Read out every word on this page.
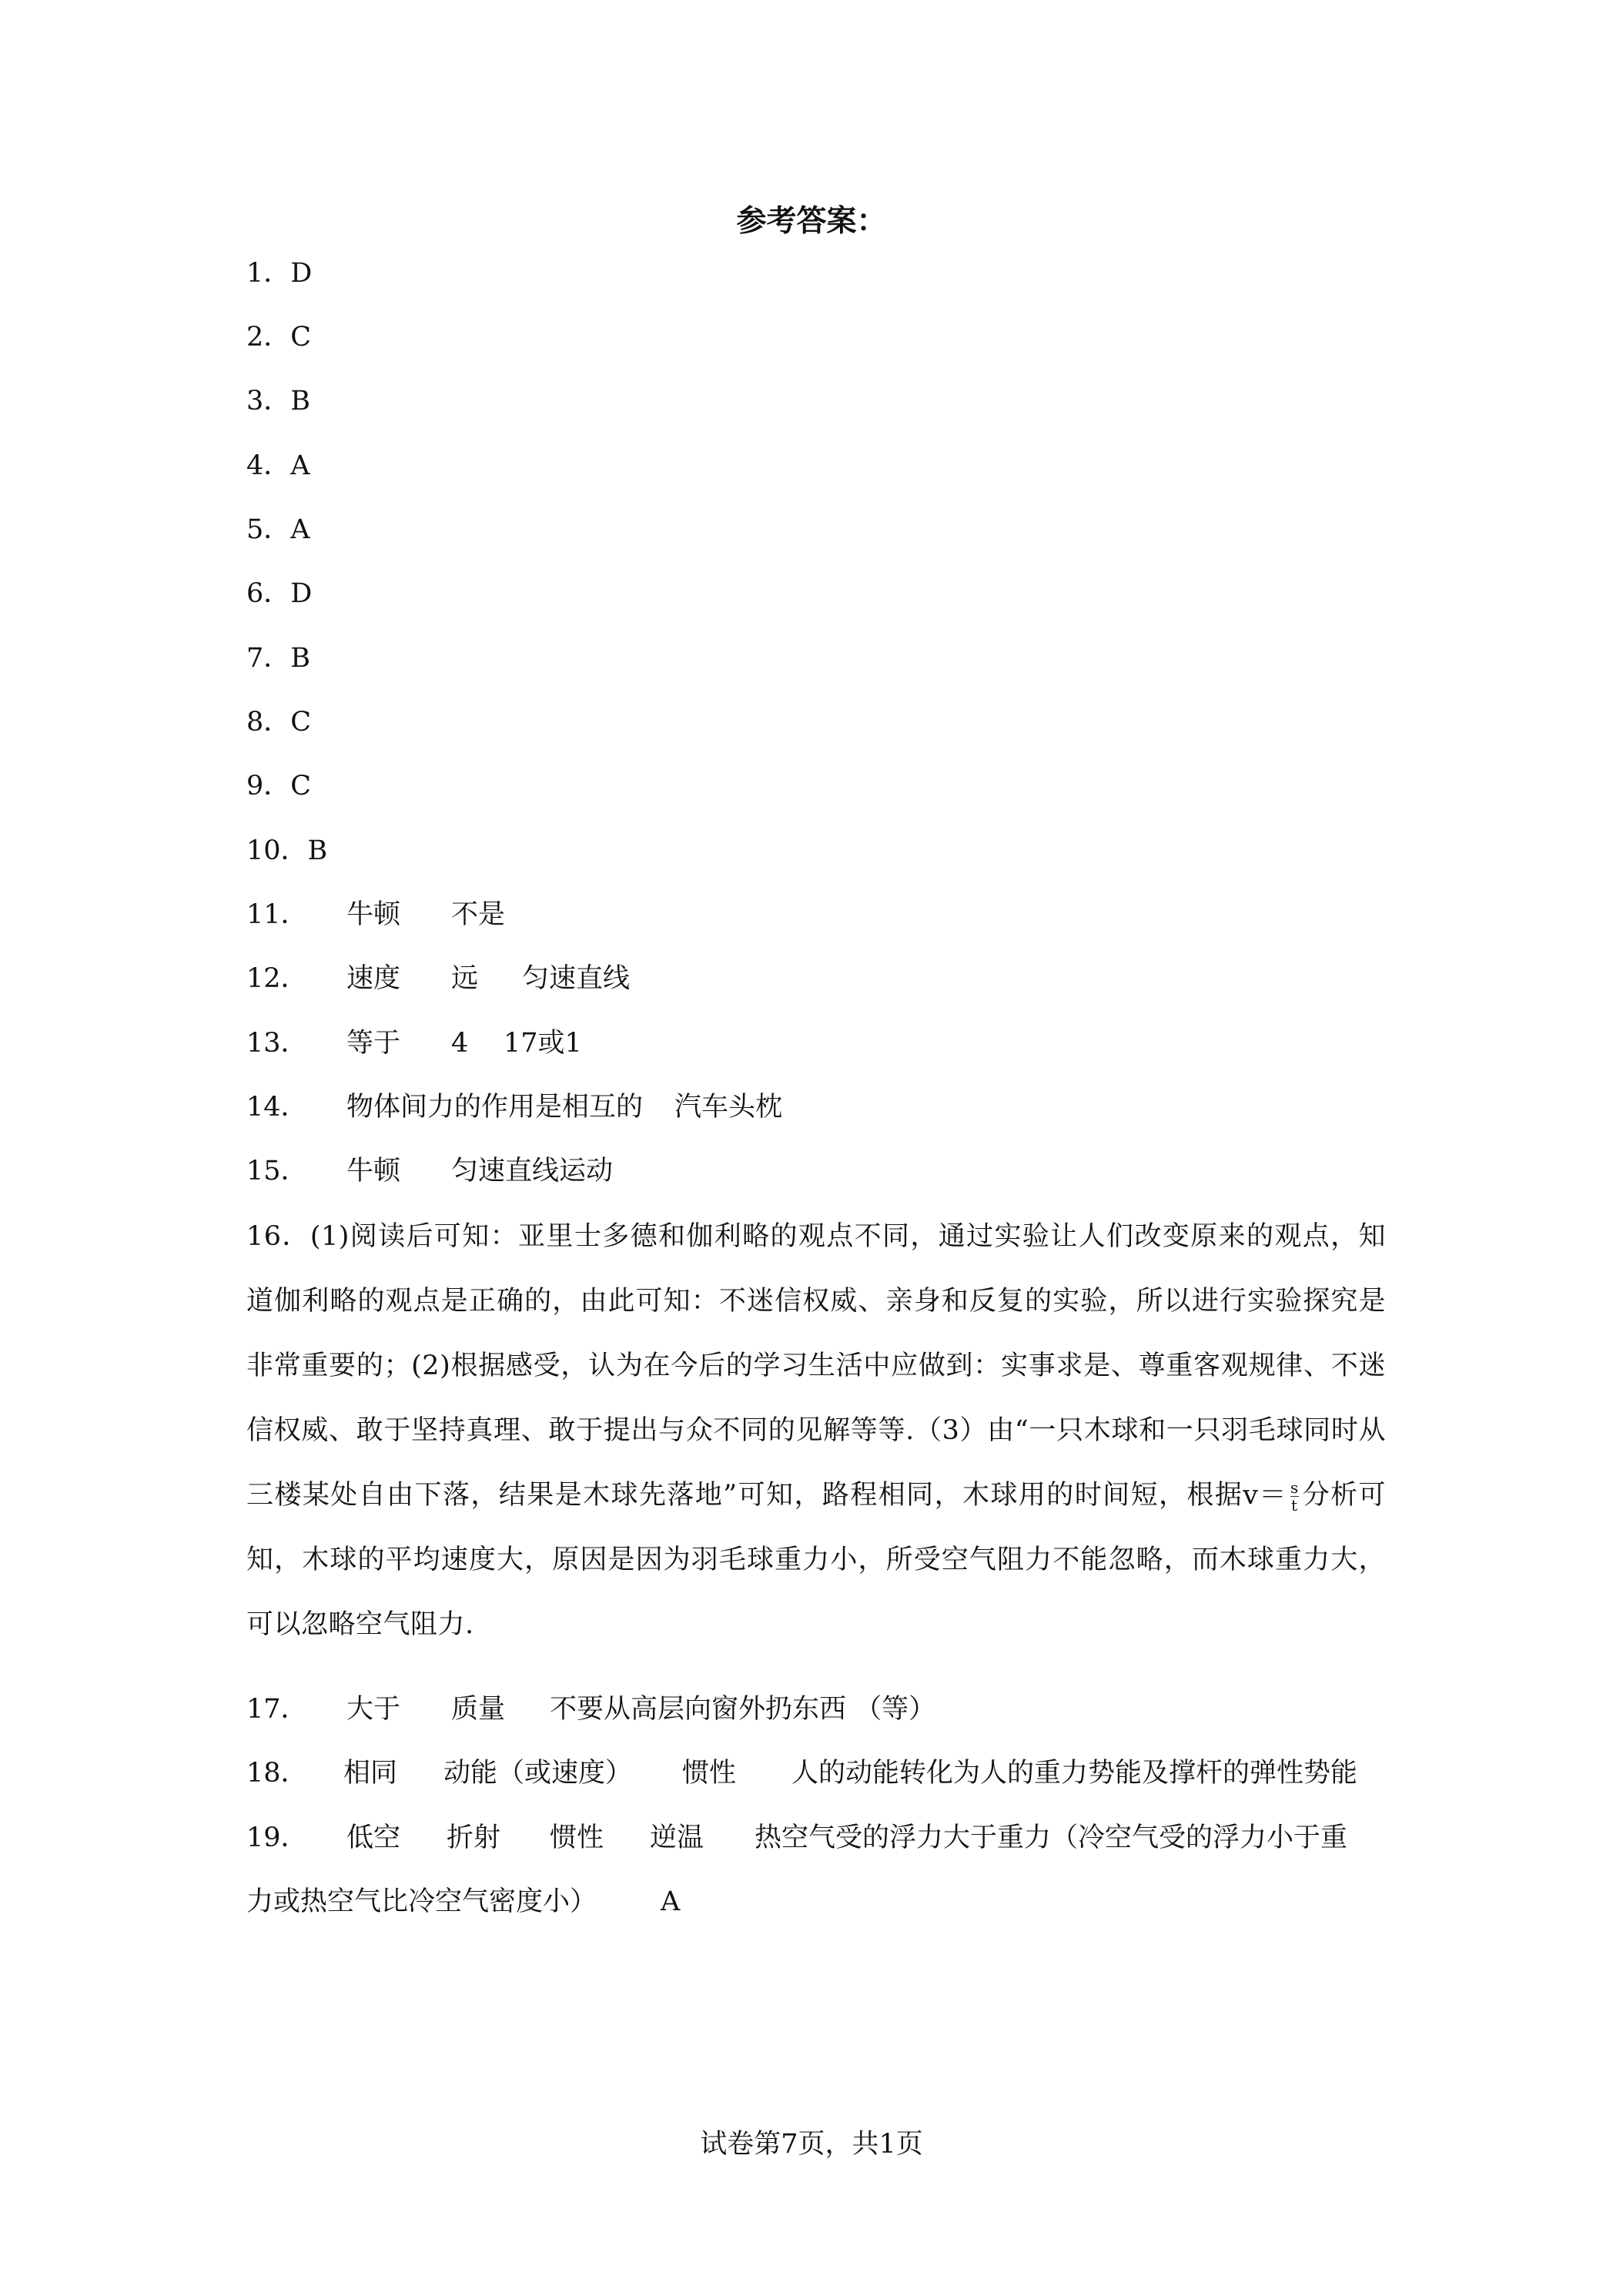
参考答案：
1．D
2．C
3．B
4．A
5．A
6．D
7．B
8．C
9．C
10．B
11． 牛顿 不是
12． 速度 远 匀速直线
13． 等于 4 17或1
14． 物体间力的作用是相互的 汽车头枕
15． 牛顿 匀速直线运动
16．(1)阅读后可知：亚里士多德和伽利略的观点不同，通过实验让人们改变原来的观点，知道伽利略的观点是正确的，由此可知：不迷信权威、亲身和反复的实验，所以进行实验探究是非常重要的；(2)根据感受，认为在今后的学习生活中应做到：实事求是、尊重客观规律、不迷信权威、敢于坚持真理、敢于提出与众不同的见解等等.（3）由“一只木球和一只羽毛球同时从三楼某处自由下落，结果是木球先落地”可知，路程相同，木球用的时间短，根据$v= \frac{s}{t}$ 分析可知，木球的平均速度大，原因是因为羽毛球重力小，所受空气阻力不能忽略，而木球重力大，可以忽略空气阻力.
17． 大于 质量 不要从高层向窗外扔东西 （等）
18． 相同 动能（或速度） 惯性 人的动能转化为人的重力势能及撑杆的弹性势能
19． 低空 折射 惯性 逆温 热空气受的浮力大于重力（冷空气受的浮力小于重
力或热空气比冷空气密度小） A
试卷第7页，共1页
